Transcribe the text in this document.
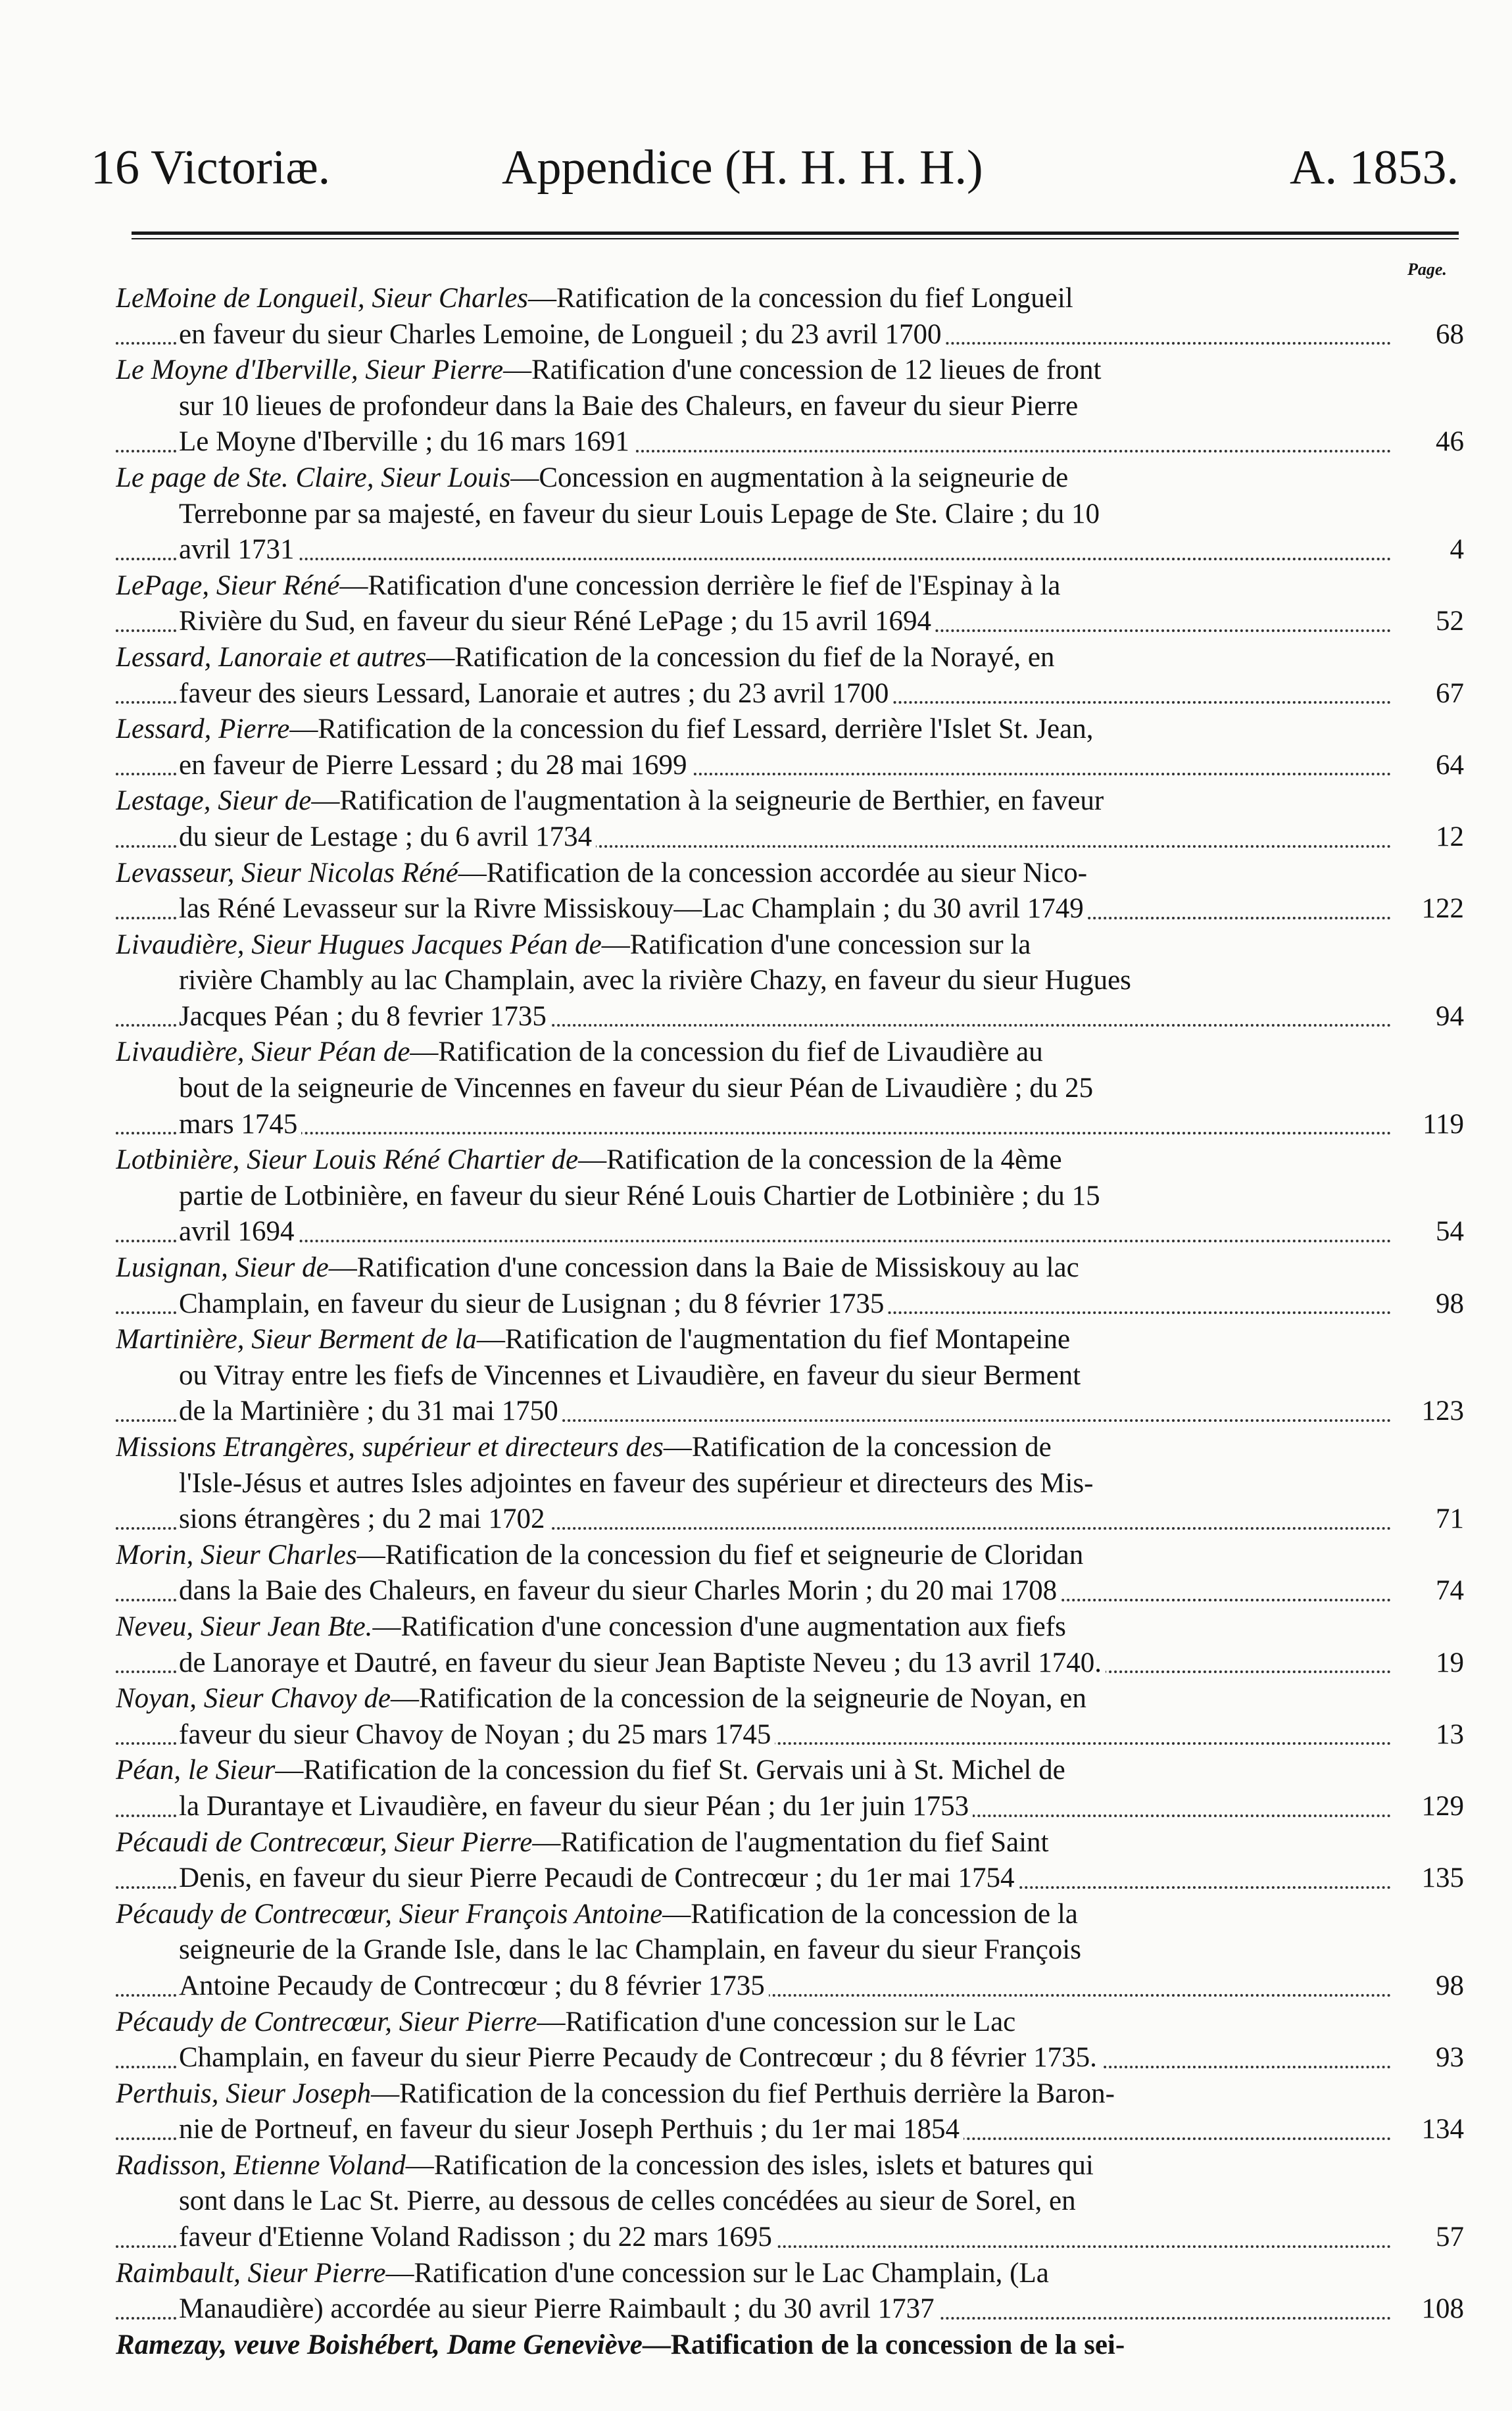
16 Victoriæ.	Appendice (H. H. H. H.)	A. 1853.
Page.
LeMoine de Longueil, Sieur Charles—Ratification de la concession du fief Longueil
en faveur du sieur Charles Lemoine, de Longueil ; du 23 avril 1700	68
Le Moyne d'Iberville, Sieur Pierre—Ratification d'une concession de 12 lieues de front
sur 10 lieues de profondeur dans la Baie des Chaleurs, en faveur du sieur Pierre
Le Moyne d'Iberville ; du 16 mars 1691	46
Le page de Ste. Claire, Sieur Louis—Concession en augmentation à la seigneurie de
Terrebonne par sa majesté, en faveur du sieur Louis Lepage de Ste. Claire ; du 10
avril 1731	4
LePage, Sieur Réné—Ratification d'une concession derrière le fief de l'Espinay à la
Rivière du Sud, en faveur du sieur Réné LePage ; du 15 avril 1694	52
Lessard, Lanoraie et autres—Ratification de la concession du fief de la Norayé, en
faveur des sieurs Lessard, Lanoraie et autres ; du 23 avril 1700	67
Lessard, Pierre—Ratification de la concession du fief Lessard, derrière l'Islet St. Jean,
en faveur de Pierre Lessard ; du 28 mai 1699	64
Lestage, Sieur de—Ratification de l'augmentation à la seigneurie de Berthier, en faveur
du sieur de Lestage ; du 6 avril 1734	12
Levasseur, Sieur Nicolas Réné—Ratification de la concession accordée au sieur Nico-
las Réné Levasseur sur la Rivre Missiskouy—Lac Champlain ; du 30 avril 1749	122
Livaudière, Sieur Hugues Jacques Péan de—Ratification d'une concession sur la
rivière Chambly au lac Champlain, avec la rivière Chazy, en faveur du sieur Hugues
Jacques Péan ; du 8 fevrier 1735	94
Livaudière, Sieur Péan de—Ratification de la concession du fief de Livaudière au
bout de la seigneurie de Vincennes en faveur du sieur Péan de Livaudière ; du 25
mars 1745	119
Lotbinière, Sieur Louis Réné Chartier de—Ratification de la concession de la 4ème
partie de Lotbinière, en faveur du sieur Réné Louis Chartier de Lotbinière ; du 15
avril 1694	54
Lusignan, Sieur de—Ratification d'une concession dans la Baie de Missiskouy au lac
Champlain, en faveur du sieur de Lusignan ; du 8 février 1735	98
Martinière, Sieur Berment de la—Ratification de l'augmentation du fief Montapeine
ou Vitray entre les fiefs de Vincennes et Livaudière, en faveur du sieur Berment
de la Martinière ; du 31 mai 1750	123
Missions Etrangères, supérieur et directeurs des—Ratification de la concession de
l'Isle-Jésus et autres Isles adjointes en faveur des supérieur et directeurs des Mis-
sions étrangères ; du 2 mai 1702	71
Morin, Sieur Charles—Ratification de la concession du fief et seigneurie de Cloridan
dans la Baie des Chaleurs, en faveur du sieur Charles Morin ; du 20 mai 1708	74
Neveu, Sieur Jean Bte.—Ratification d'une concession d'une augmentation aux fiefs
de Lanoraye et Dautré, en faveur du sieur Jean Baptiste Neveu ; du 13 avril 1740.	19
Noyan, Sieur Chavoy de—Ratification de la concession de la seigneurie de Noyan, en
faveur du sieur Chavoy de Noyan ; du 25 mars 1745	13
Péan, le Sieur—Ratification de la concession du fief St. Gervais uni à St. Michel de
la Durantaye et Livaudière, en faveur du sieur Péan ; du 1er juin 1753	129
Pécaudi de Contrecœur, Sieur Pierre—Ratification de l'augmentation du fief Saint
Denis, en faveur du sieur Pierre Pecaudi de Contrecœur ; du 1er mai 1754	135
Pécaudy de Contrecœur, Sieur François Antoine—Ratification de la concession de la
seigneurie de la Grande Isle, dans le lac Champlain, en faveur du sieur François
Antoine Pecaudy de Contrecœur ; du 8 février 1735	98
Pécaudy de Contrecœur, Sieur Pierre—Ratification d'une concession sur le Lac
Champlain, en faveur du sieur Pierre Pecaudy de Contrecœur ; du 8 février 1735.	93
Perthuis, Sieur Joseph—Ratification de la concession du fief Perthuis derrière la Baron-
nie de Portneuf, en faveur du sieur Joseph Perthuis ; du 1er mai 1854	134
Radisson, Etienne Voland—Ratification de la concession des isles, islets et batures qui
sont dans le Lac St. Pierre, au dessous de celles concédées au sieur de Sorel, en
faveur d'Etienne Voland Radisson ; du 22 mars 1695	57
Raimbault, Sieur Pierre—Ratification d'une concession sur le Lac Champlain, (La
Manaudière) accordée au sieur Pierre Raimbault ; du 30 avril 1737	108
Ramezay, veuve Boishébert, Dame Geneviève—Ratification de la concession de la sei-
